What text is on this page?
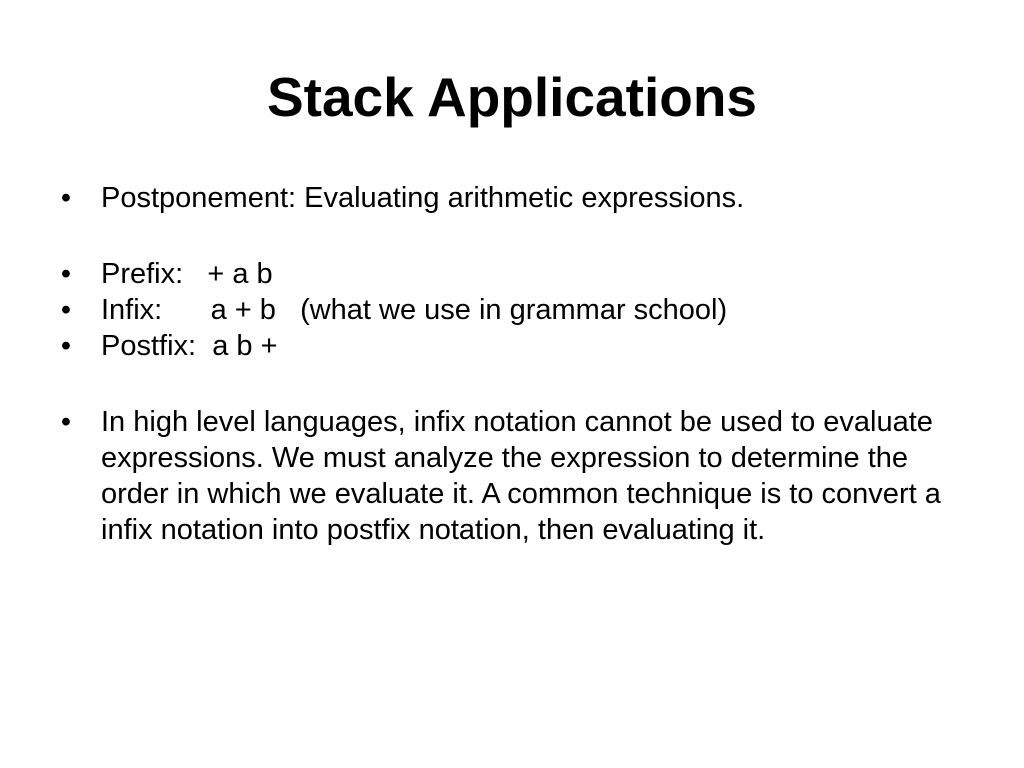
Stack Applications
• Postponement: Evaluating arithmetic expressions.
• Prefix:   + a b
• Infix:      a + b   (what we use in grammar school)
• Postfix:  a b +
• In high level languages, infix notation cannot be used to evaluate expressions. We must analyze the expression to determine the order in which we evaluate it. A common technique is to convert a infix notation into postfix notation, then evaluating it.
